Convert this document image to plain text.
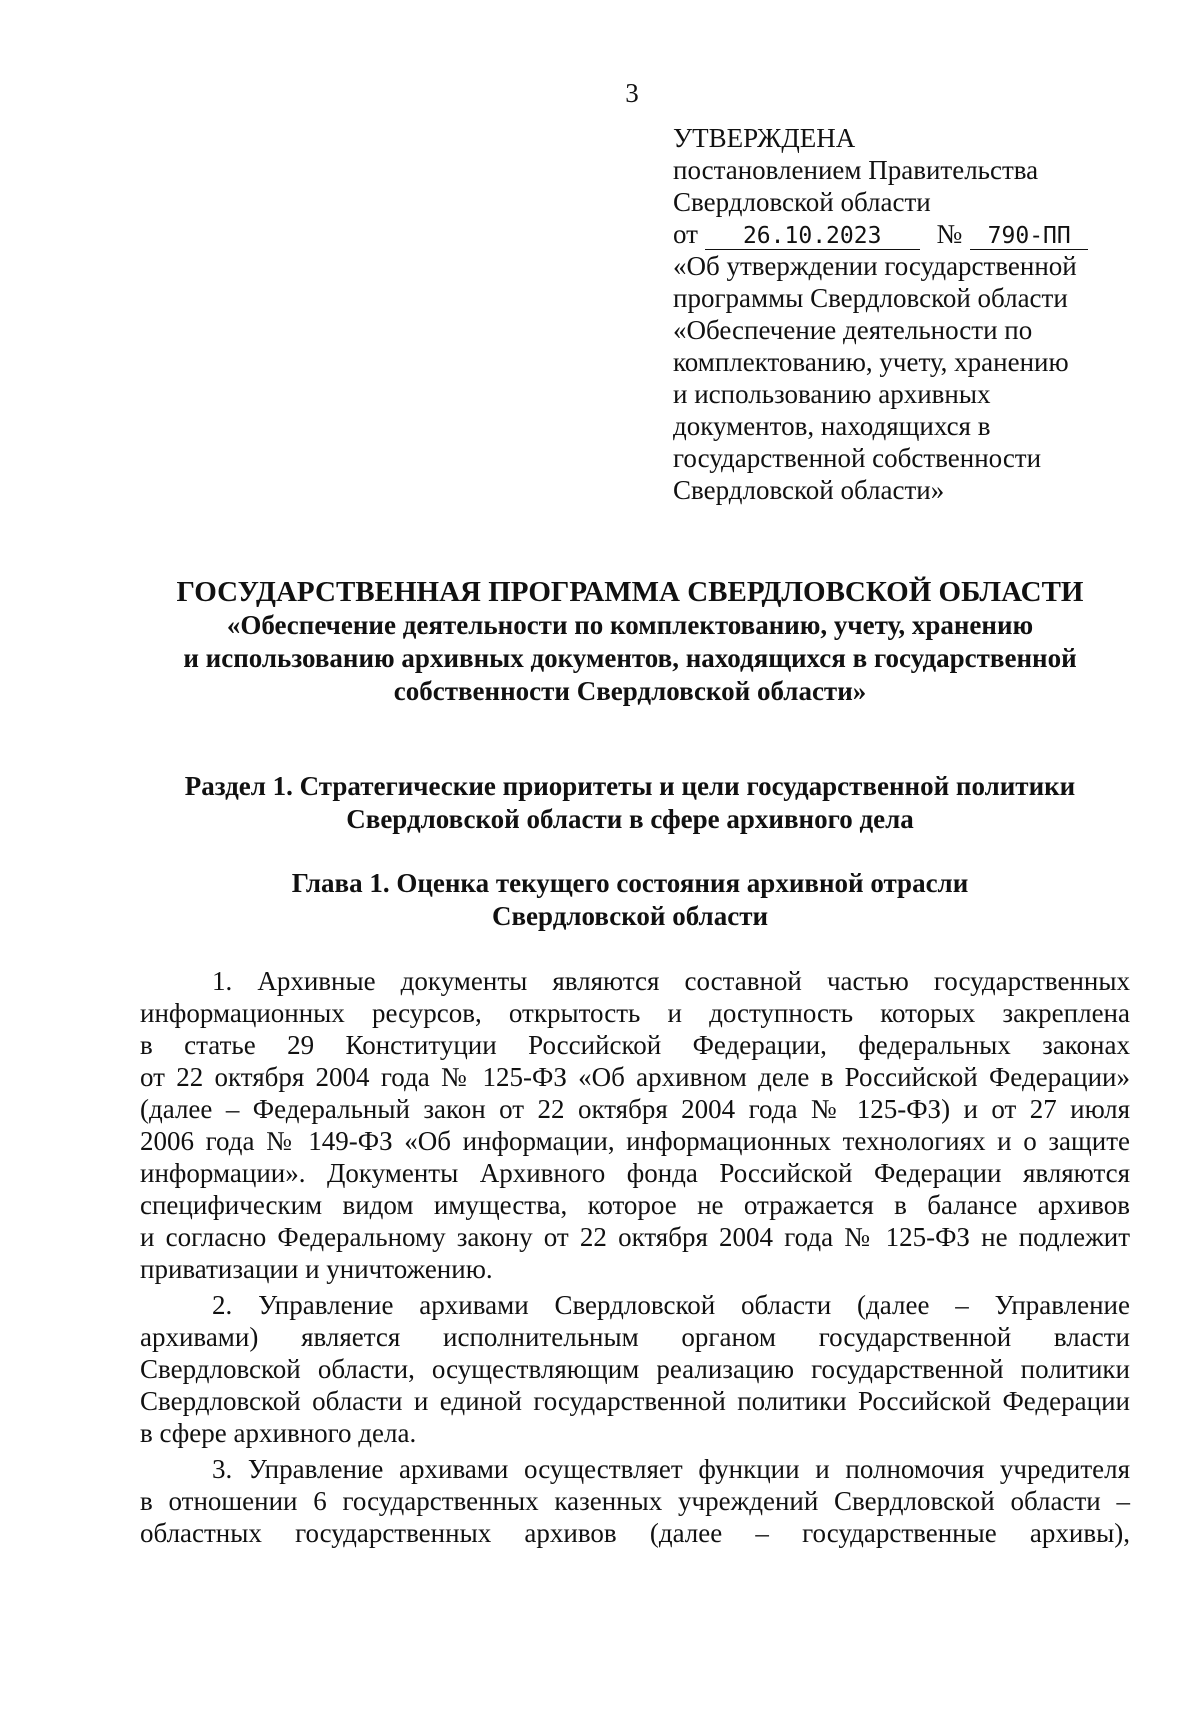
3
УТВЕРЖДЕНА
постановлением Правительства
Свердловской области
от 26.10.2023 № 790-ПП
«Об утверждении государственной
программы Свердловской области
«Обеспечение деятельности по
комплектованию, учету, хранению
и использованию архивных
документов, находящихся в
государственной собственности
Свердловской области»
ГОСУДАРСТВЕННАЯ ПРОГРАММА СВЕРДЛОВСКОЙ ОБЛАСТИ
«Обеспечение деятельности по комплектованию, учету, хранению
и использованию архивных документов, находящихся в государственной
собственности Свердловской области»
Раздел 1. Стратегические приоритеты и цели государственной политики
Свердловской области в сфере архивного дела
Глава 1. Оценка текущего состояния архивной отрасли
Свердловской области
1. Архивные документы являются составной частью государственных
информационных ресурсов, открытость и доступность которых закреплена
в статье 29 Конституции Российской Федерации, федеральных законах
от 22 октября 2004 года № 125-ФЗ «Об архивном деле в Российской Федерации»
(далее – Федеральный закон от 22 октября 2004 года № 125-ФЗ) и от 27 июля
2006 года № 149-ФЗ «Об информации, информационных технологиях и о защите
информации». Документы Архивного фонда Российской Федерации являются
специфическим видом имущества, которое не отражается в балансе архивов
и согласно Федеральному закону от 22 октября 2004 года № 125-ФЗ не подлежит
приватизации и уничтожению.
2. Управление архивами Свердловской области (далее – Управление
архивами) является исполнительным органом государственной власти
Свердловской области, осуществляющим реализацию государственной политики
Свердловской области и единой государственной политики Российской Федерации
в сфере архивного дела.
3. Управление архивами осуществляет функции и полномочия учредителя
в отношении 6 государственных казенных учреждений Свердловской области –
областных государственных архивов (далее – государственные архивы),
